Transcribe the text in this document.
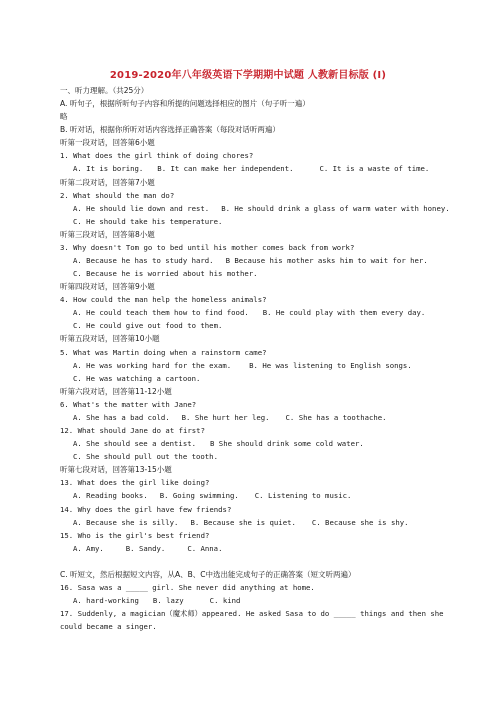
2019-2020年八年级英语下学期期中试题 人教新目标版 (I)
一、听力理解。（共25分）
A. 听句子，根据所听句子内容和所提的问题选择相应的图片（句子听一遍）
略
B. 听对话，根据你所听对话内容选择正确答案（每段对话听两遍）
听第一段对话，回答第6小题
1. What does the girl think of doing chores?
A. It is boring. B. It can make her independent.	C. It is a waste of time.
听第二段对话，回答第7小题
2. What should the man do?
A. He should lie down and rest. B. He should drink a glass of warm water with honey.
C. He should take his temperature.
听第三段对话，回答第8小题
3. Why doesn't Tom go to bed until his mother comes back from work?
A. Because he has to study hard. B Because his mother asks him to wait for her.
C. Because he is worried about his mother.
听第四段对话，回答第9小题
4. How could the man help the homeless animals?
A. He could teach them how to find food. B. He could play with them every day.
C. He could give out food to them.
听第五段对话，回答第10小题
5. What was Martin doing when a rainstorm came?
A. He was working hard for the exam. B. He was listening to English songs.
C. He was watching a cartoon.
听第六段对话，回答第11-12小题
6. What's the matter with Jane?
A. She has a bad cold. B. She hurt her leg. C. She has a toothache.
12. What should Jane do at first?
A. She should see a dentist. B She should drink some cold water.
C. She should pull out the tooth.
听第七段对话，回答第13-15小题
13. What does the girl like doing?
A. Reading books. B. Going swimming. C. Listening to music.
14. Why does the girl have few friends?
A. Because she is silly. B. Because she is quiet. C. Because she is shy.
15. Who is the girl's best friend?
A. Amy.	B. Sandy.	C. Anna.
C. 听短文，然后根据短文内容，从A、B、C中选出能完成句子的正确答案（短文听两遍）
16. Sasa was a _____ girl. She never did anything at home.
A. hard-working B. lazy	C. kind
17. Suddenly, a magician（魔术师）appeared. He asked Sasa to do _____ things and then she
could became a singer.
